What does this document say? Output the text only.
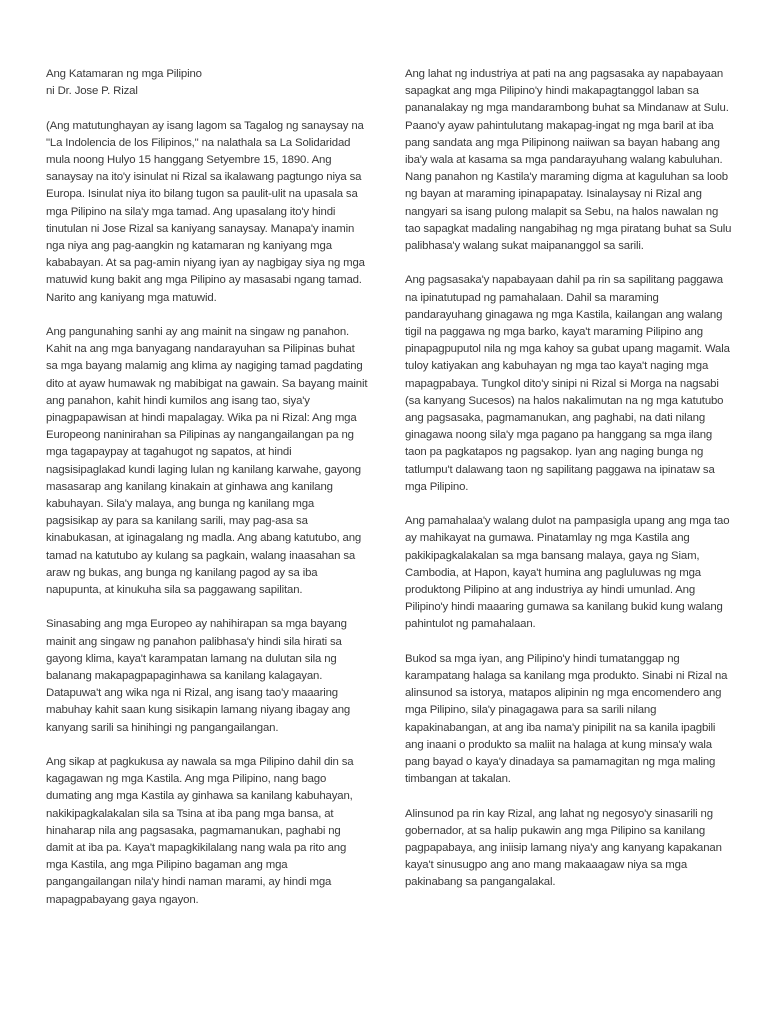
Ang Katamaran ng mga Pilipino

ni Dr. Jose P. Rizal

(Ang matutunghayan ay isang lagom sa Tagalog ng sanaysay na "La Indolencia de los Filipinos," na nalathala sa La Solidaridad mula noong Hulyo 15 hanggang Setyembre 15, 1890. Ang sanaysay na ito'y isinulat ni Rizal sa ikalawang pagtungo niya sa Europa. Isinulat niya ito bilang tugon sa paulit-ulit na upasala sa mga Pilipino na sila'y mga tamad. Ang upasalang ito'y hindi tinutulan ni Jose Rizal sa kaniyang sanaysay. Manapa'y inamin nga niya ang pag-aangkin ng katamaran ng kaniyang mga kababayan. At sa pag-amin niyang iyan ay nagbigay siya ng mga matuwid kung bakit ang mga Pilipino ay masasabi ngang tamad. Narito ang kaniyang mga matuwid.

Ang pangunahing sanhi ay ang mainit na singaw ng panahon. Kahit na ang mga banyagang nandarayuhan sa Pilipinas buhat sa mga bayang malamig ang klima ay nagiging tamad pagdating dito at ayaw humawak ng mabibigat na gawain. Sa bayang mainit ang panahon, kahit hindi kumilos ang isang tao, siya'y pinagpapawisan at hindi mapalagay. Wika pa ni Rizal: Ang mga Europeong naninirahan sa Pilipinas ay nangangailangan pa ng mga tagapaypay at tagahugot ng sapatos, at hindi nagsisipaglakad kundi laging lulan ng kanilang karwahe, gayong masasarap ang kanilang kinakain at ginhawa ang kanilang kabuhayan. Sila'y malaya, ang bunga ng kanilang mga pagsisikap ay para sa kanilang sarili, may pag-asa sa kinabukasan, at iginagalang ng madla. Ang abang katutubo, ang tamad na katutubo ay kulang sa pagkain, walang inaasahan sa araw ng bukas, ang bunga ng kanilang pagod ay sa iba napupunta, at kinukuha sila sa paggawang sapilitan.

Sinasabing ang mga Europeo ay nahihirapan sa mga bayang mainit ang singaw ng panahon palibhasa'y hindi sila hirati sa gayong klima, kaya't karampatan lamang na dulutan sila ng balanang makapagpapaginhawa sa kanilang kalagayan. Datapuwa't ang wika nga ni Rizal, ang isang tao'y maaaring mabuhay kahit saan kung sisikapin lamang niyang ibagay ang kanyang sarili sa hinihingi ng pangangailangan.

Ang sikap at pagkukusa ay nawala sa mga Pilipino dahil din sa kagagawan ng mga Kastila. Ang mga Pilipino, nang bago dumating ang mga Kastila ay ginhawa sa kanilang kabuhayan, nakikipagkalakalan sila sa Tsina at iba pang mga bansa, at hinaharap nila ang pagsasaka, pagmamanukan, paghabi ng damit at iba pa. Kaya't mapagkikilalang nang wala pa rito ang mga Kastila, ang mga Pilipino bagaman ang mga pangangailangan nila'y hindi naman marami, ay hindi mga mapagpabayang gaya ngayon.

Ang lahat ng industriya at pati na ang pagsasaka ay napabayaan sapagkat ang mga Pilipino'y hindi makapagtanggol laban sa pananalakay ng mga mandarambong buhat sa Mindanaw at Sulu. Paano'y ayaw pahintulutang makapag-ingat ng mga baril at iba pang sandata ang mga Pilipinong naiiwan sa bayan habang ang iba'y wala at kasama sa mga pandarayuhang walang kabuluhan. Nang panahon ng Kastila'y maraming digma at kaguluhan sa loob ng bayan at maraming ipinapapatay. Isinalaysay ni Rizal ang nangyari sa isang pulong malapit sa Sebu, na halos nawalan ng tao sapagkat madaling nangabihag ng mga piratang buhat sa Sulu palibhasa'y walang sukat maipananggol sa sarili.

Ang pagsasaka'y napabayaan dahil pa rin sa sapilitang paggawa na ipinatutupad ng pamahalaan. Dahil sa maraming pandarayuhang ginagawa ng mga Kastila, kailangan ang walang tigil na paggawa ng mga barko, kaya't maraming Pilipino ang pinapagpuputol nila ng mga kahoy sa gubat upang magamit. Wala tuloy katiyakan ang kabuhayan ng mga tao kaya't naging mga mapagpabaya. Tungkol dito'y sinipi ni Rizal si Morga na nagsabi (sa kanyang Sucesos) na halos nakalimutan na ng mga katutubo ang pagsasaka, pagmamanukan, ang paghabi, na dati nilang ginagawa noong sila'y mga pagano pa hanggang sa mga ilang taon pa pagkatapos ng pagsakop. Iyan ang naging bunga ng tatlumpu't dalawang taon ng sapilitang paggawa na ipinataw sa mga Pilipino.

Ang pamahalaa'y walang dulot na pampasigla upang ang mga tao ay mahikayat na gumawa. Pinatamlay ng mga Kastila ang pakikipagkalakalan sa mga bansang malaya, gaya ng Siam, Cambodia, at Hapon, kaya't humina ang pagluluwas ng mga produktong Pilipino at ang industriya ay hindi umunlad. Ang Pilipino'y hindi maaaring gumawa sa kanilang bukid kung walang pahintulot ng pamahalaan.

Bukod sa mga iyan, ang Pilipino'y hindi tumatanggap ng karampatang halaga sa kanilang mga produkto. Sinabi ni Rizal na alinsunod sa istorya, matapos alipinin ng mga encomendero ang mga Pilipino, sila'y pinagagawa para sa sarili nilang kapakinabangan, at ang iba nama'y pinipilit na sa kanila ipagbili ang inaani o produkto sa maliit na halaga at kung minsa'y wala pang bayad o kaya'y dinadaya sa pamamagitan ng mga maling timbangan at takalan.

Alinsunod pa rin kay Rizal, ang lahat ng negosyo'y sinasarili ng gobernador, at sa halip pukawin ang mga Pilipino sa kanilang pagpapabaya, ang iniisip lamang niya'y ang kanyang kapakanan kaya't sinusugpo ang ano mang makaaagaw niya sa mga pakinabang sa pangangalakal.
